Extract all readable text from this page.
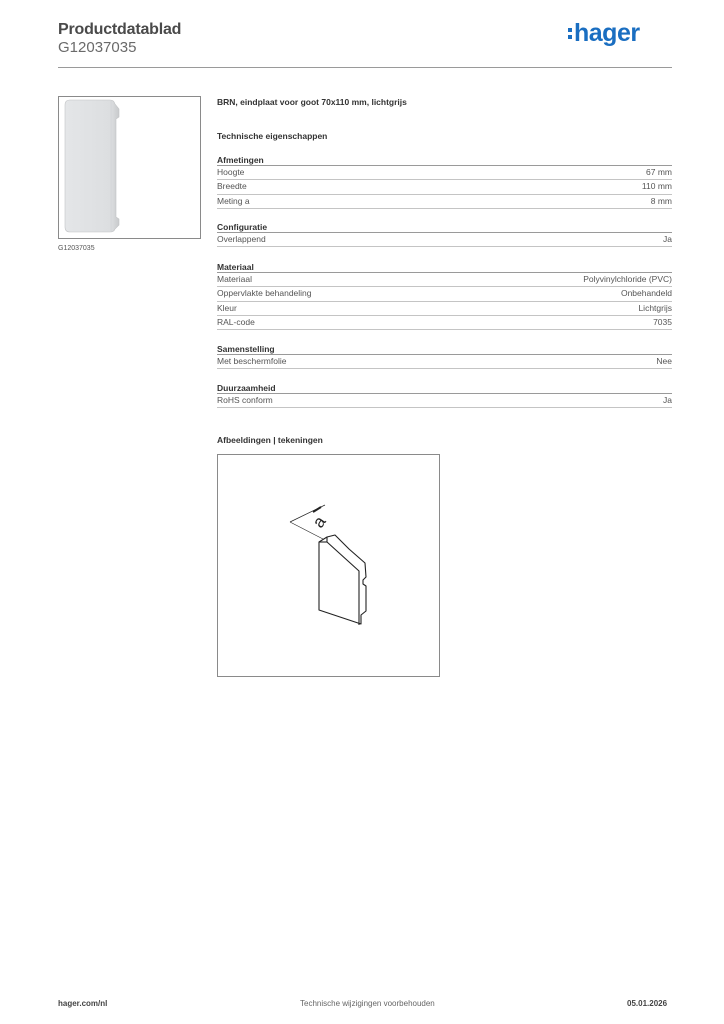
Productdatablad
G12037035
hager
G12037035
BRN, eindplaat voor goot 70x110 mm, lichtgrijs
Technische eigenschappen
Afmetingen
Hoogte	67 mm
Breedte	110 mm
Meting a	8 mm
Configuratie
Overlappend	Ja
Materiaal
Materiaal	Polyvinylchloride (PVC)
Oppervlakte behandeling	Onbehandeld
Kleur	Lichtgrijs
RAL-code	7035
Samenstelling
Met beschermfolie	Nee
Duurzaamheid
RoHS conform	Ja
Afbeeldingen | tekeningen
a
hager.com/nl	Technische wijzigingen voorbehouden	05.01.2026
